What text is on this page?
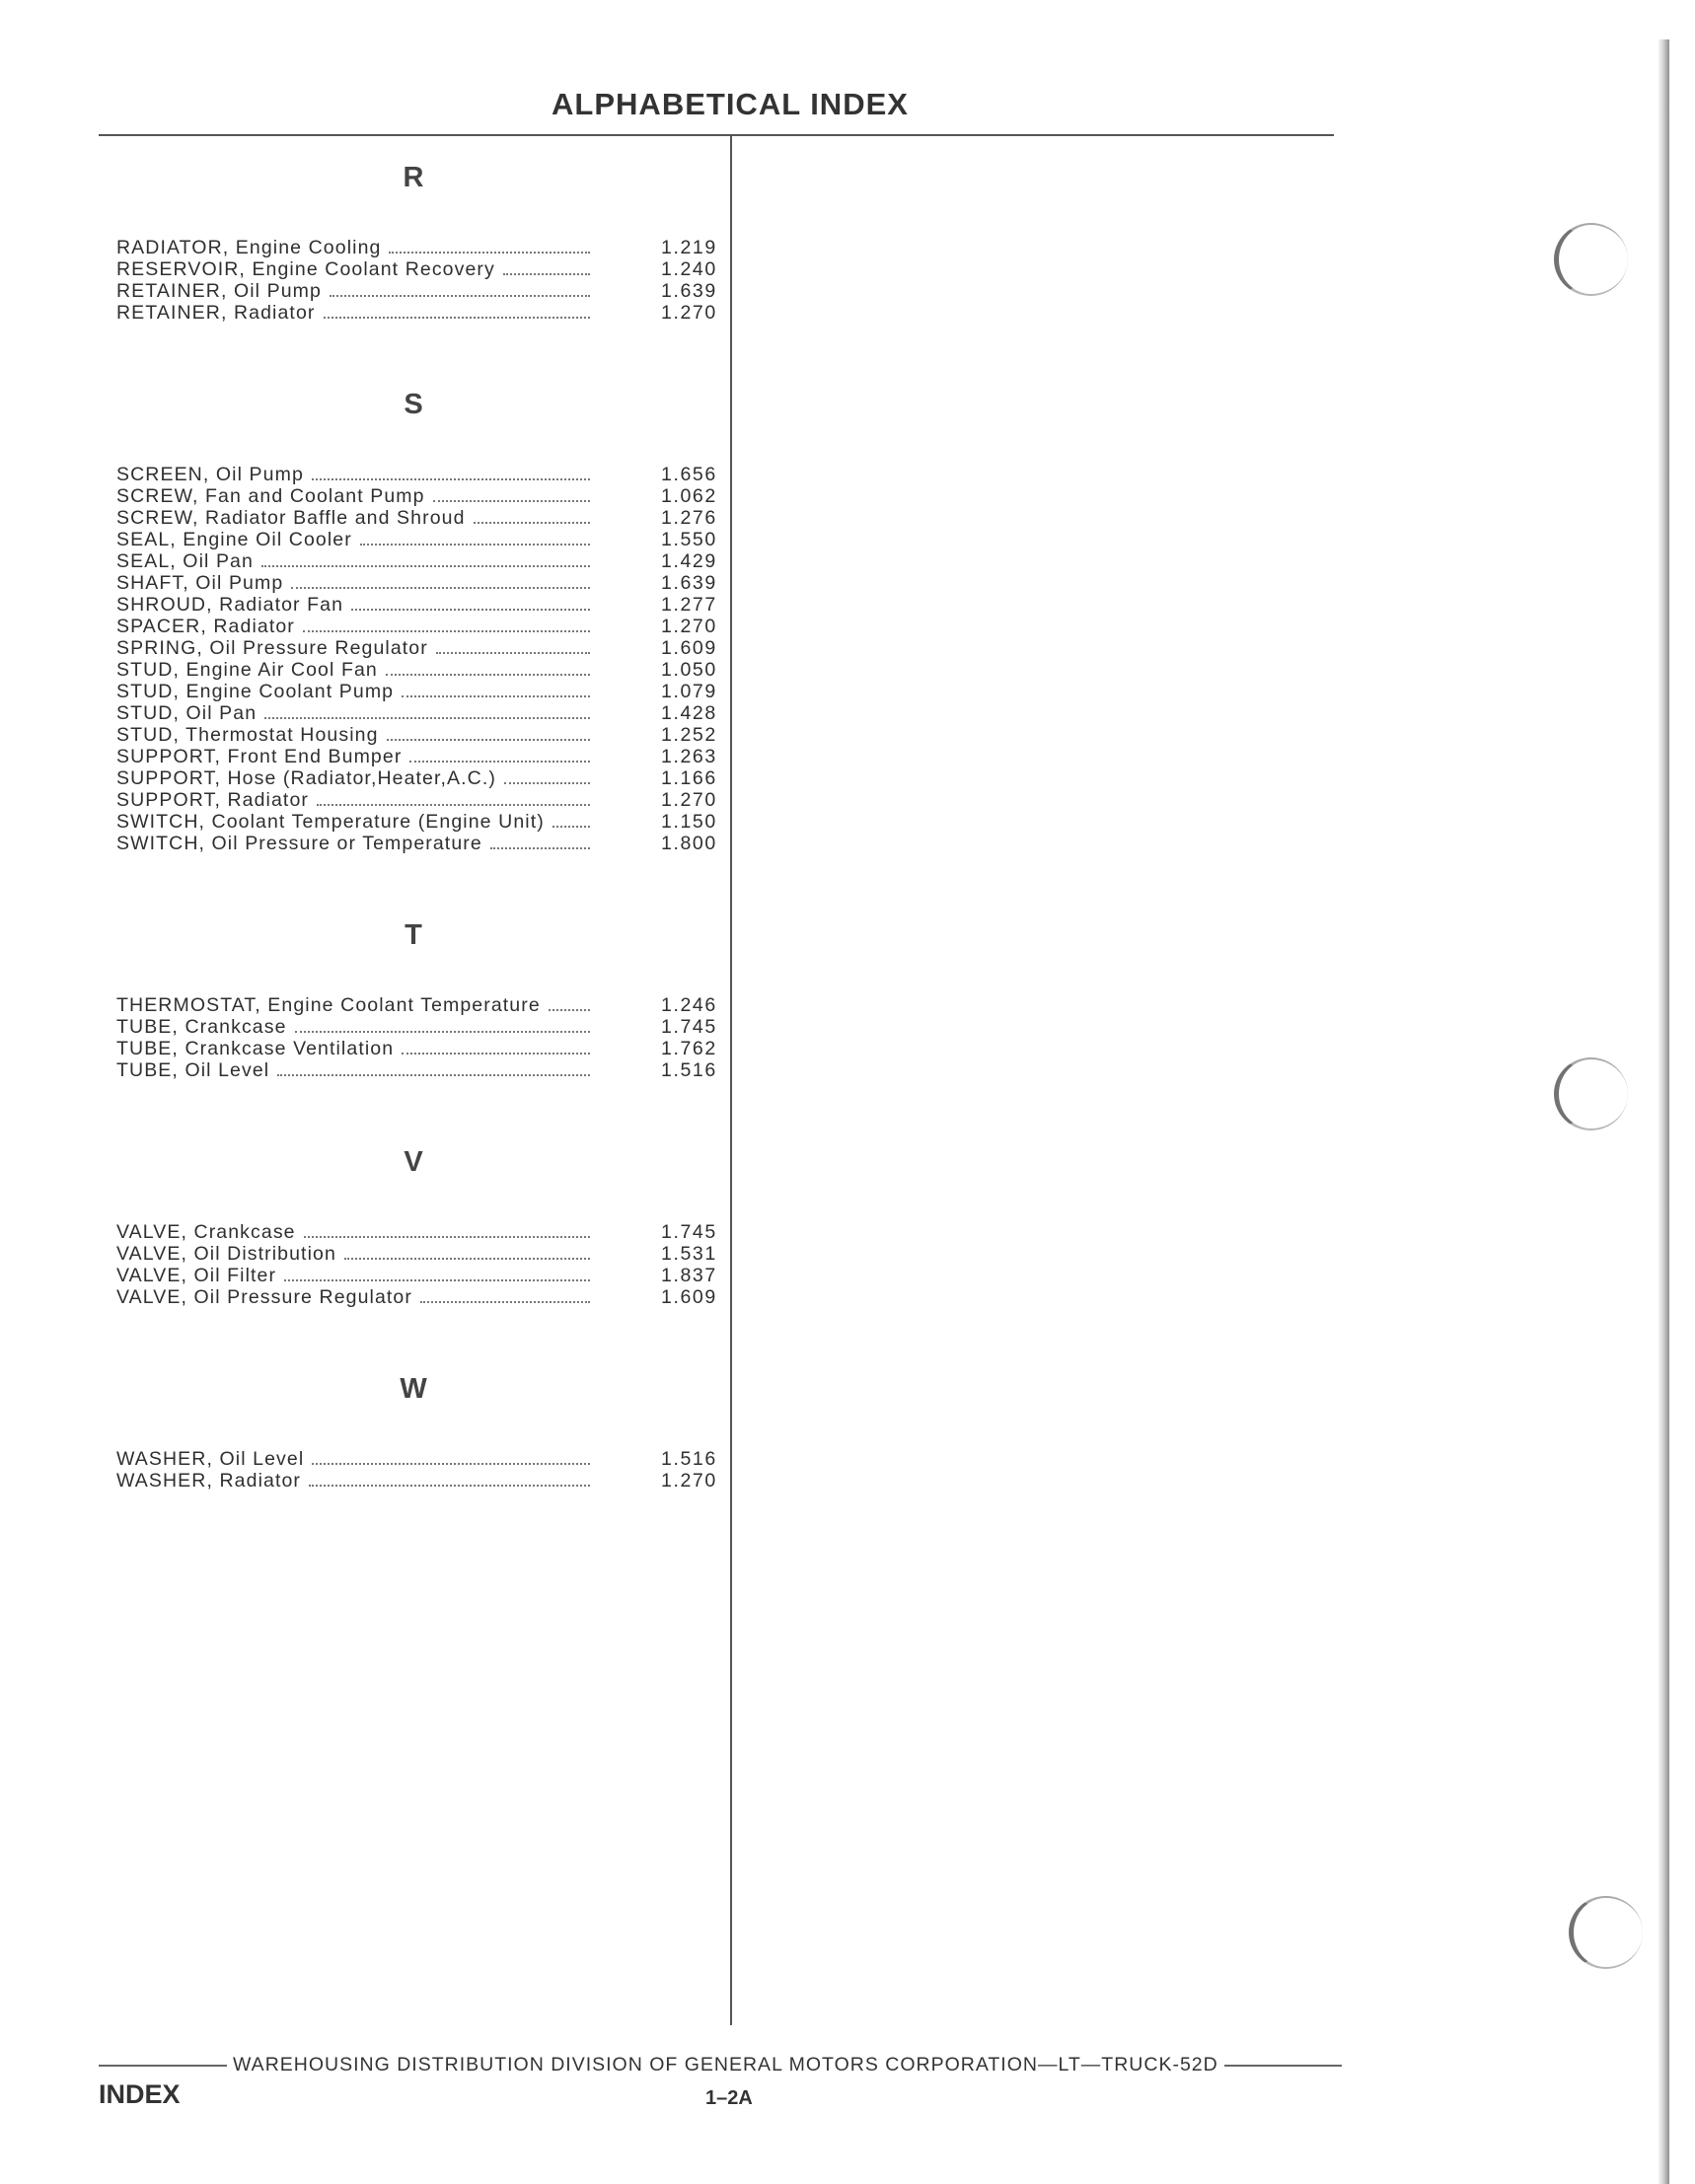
ALPHABETICAL INDEX
R
RADIATOR, Engine Cooling	1.219
RESERVOIR, Engine Coolant Recovery	1.240
RETAINER, Oil Pump	1.639
RETAINER, Radiator	1.270
S
SCREEN, Oil Pump	1.656
SCREW, Fan and Coolant Pump	1.062
SCREW, Radiator Baffle and Shroud	1.276
SEAL, Engine Oil Cooler	1.550
SEAL, Oil Pan	1.429
SHAFT, Oil Pump	1.639
SHROUD, Radiator Fan	1.277
SPACER, Radiator	1.270
SPRING, Oil Pressure Regulator	1.609
STUD, Engine Air Cool Fan	1.050
STUD, Engine Coolant Pump	1.079
STUD, Oil Pan	1.428
STUD, Thermostat Housing	1.252
SUPPORT, Front End Bumper	1.263
SUPPORT, Hose (Radiator,Heater,A.C.)	1.166
SUPPORT, Radiator	1.270
SWITCH, Coolant Temperature (Engine Unit)	1.150
SWITCH, Oil Pressure or Temperature	1.800
T
THERMOSTAT, Engine Coolant Temperature	1.246
TUBE, Crankcase	1.745
TUBE, Crankcase Ventilation	1.762
TUBE, Oil Level	1.516
V
VALVE, Crankcase	1.745
VALVE, Oil Distribution	1.531
VALVE, Oil Filter	1.837
VALVE, Oil Pressure Regulator	1.609
W
WASHER, Oil Level	1.516
WASHER, Radiator	1.270
WAREHOUSING DISTRIBUTION DIVISION OF GENERAL MOTORS CORPORATION—LT—TRUCK-52D
INDEX	1–2A
